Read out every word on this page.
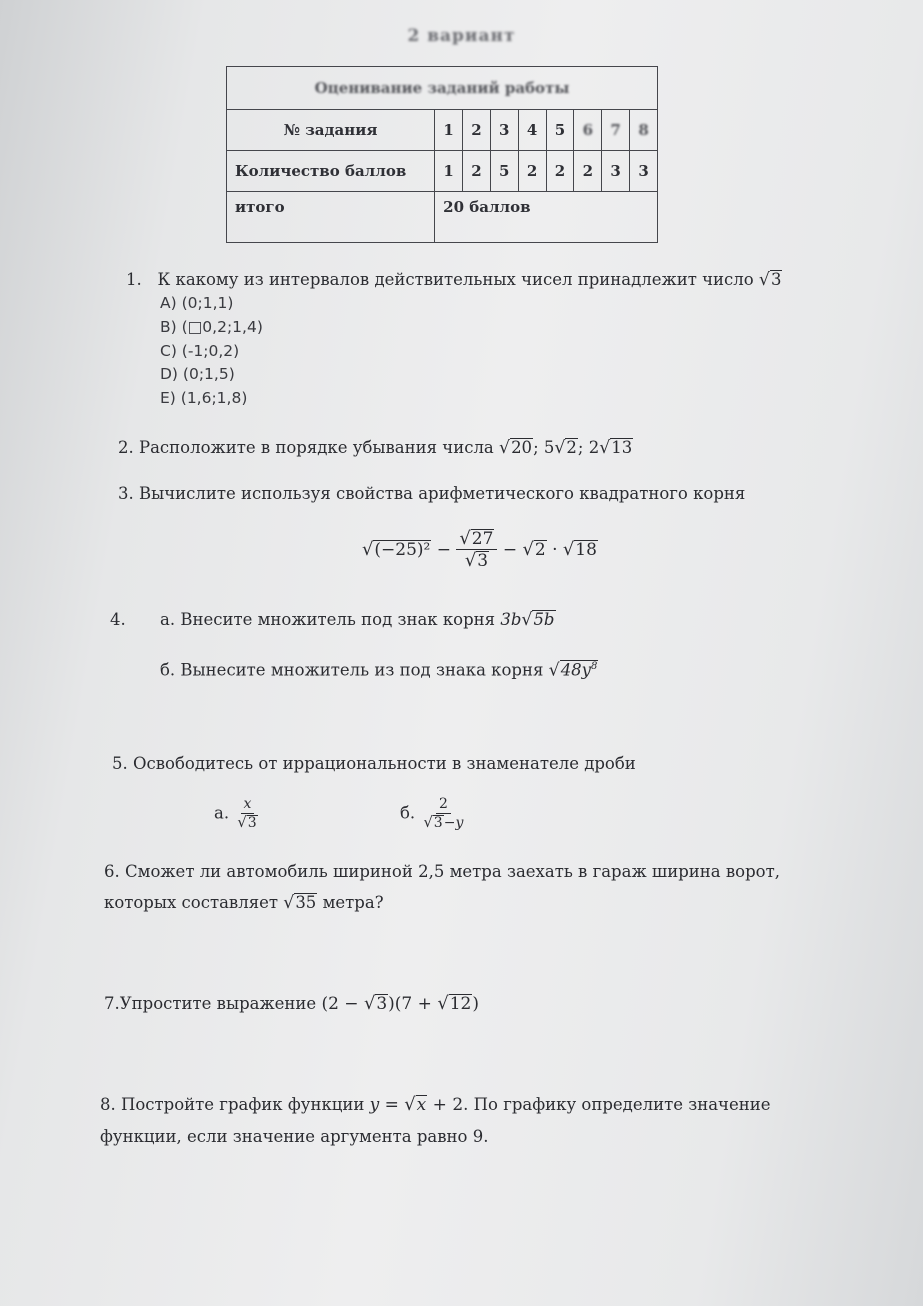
2 вариант
Оценивание заданий работы								
№ задания	1	2	3	4	5	6	7	8
Количество баллов	1	2	5	2	2	2	3	3
итого	20 баллов							
1. К какому из интервалов действительных чисел принадлежит число √3
A) (0;1,1)
B) (□0,2;1,4)
C) (-1;0,2)
D) (0;1,5)
E) (1,6;1,8)
2. Расположите в порядке убывания числа √20; 5√2; 2√13
3. Вычислите используя свойства арифметического квадратного корня
$√(-25)^2 - \frac{√27}{√3} - √2 \cdot √18$
4. а. Внесите множитель под знак корня 3b√5b
б. Вынесите множитель из под знака корня $√48y^8$
5. Освободитесь от иррациональности в знаменателе дроби
а. $\frac{x}{√3}$	б. $\frac{2}{√3-y}$
6. Сможет ли автомобиль шириной 2,5 метра заехать в гараж ширина ворот,
которых составляет √35 метра?
7.Упростите выражение (2 − √3)(7 + √12)
8. Постройте график функции y = √x + 2. По графику определите значение
функции, если значение аргумента равно 9.
